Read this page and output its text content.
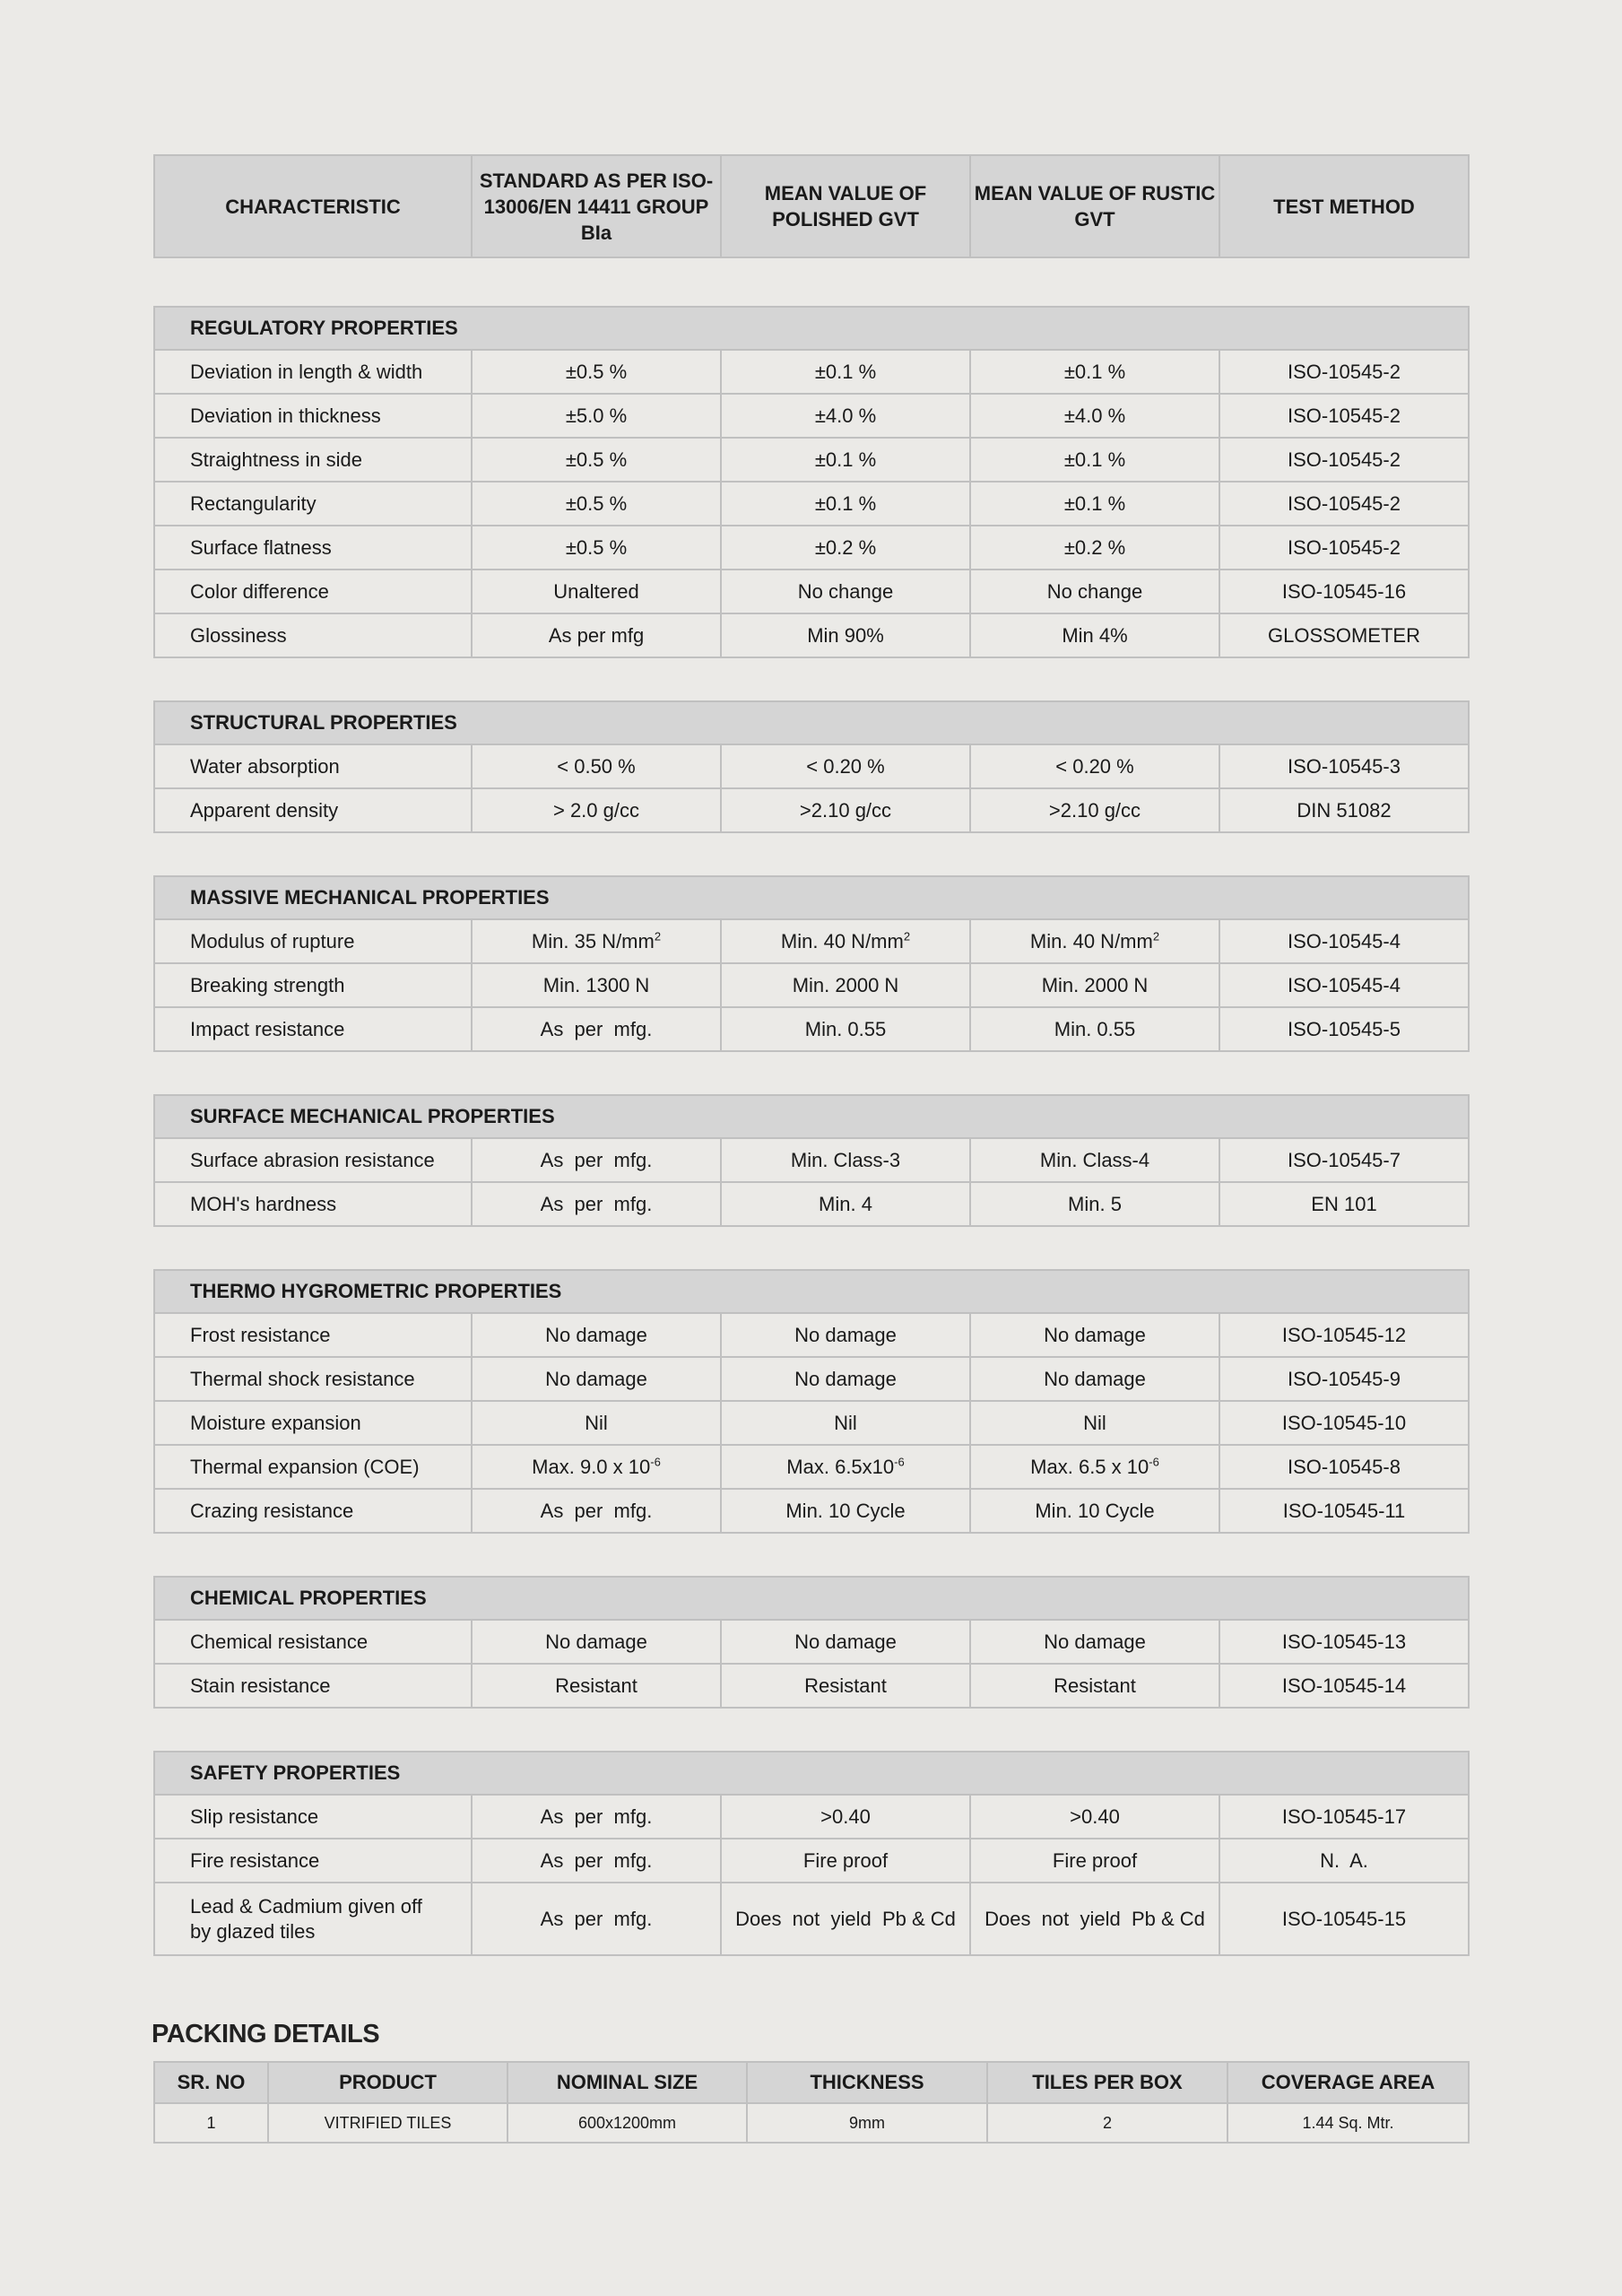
CHARACTERISTIC	STANDARD AS PER ISO-13006/EN 14411 GROUP BIa	MEAN VALUE OF POLISHED GVT	MEAN VALUE OF RUSTIC GVT	TEST METHOD

REGULATORY PROPERTIES				
Deviation in length & width	±0.5 %	±0.1 %	±0.1 %	ISO-10545-2
Deviation in thickness	±5.0 %	±4.0 %	±4.0 %	ISO-10545-2
Straightness in side	±0.5 %	±0.1 %	±0.1 %	ISO-10545-2
Rectangularity	±0.5 %	±0.1 %	±0.1 %	ISO-10545-2
Surface flatness	±0.5 %	±0.2 %	±0.2 %	ISO-10545-2
Color difference	Unaltered	No change	No change	ISO-10545-16
Glossiness	As per mfg	Min 90%	Min 4%	GLOSSOMETER

STRUCTURAL PROPERTIES				
Water absorption	< 0.50 %	< 0.20 %	< 0.20 %	ISO-10545-3
Apparent density	> 2.0 g/cc	>2.10 g/cc	>2.10 g/cc	DIN 51082

MASSIVE MECHANICAL PROPERTIES				
Modulus of rupture	Min. 35 $N/mm^2$	Min. 40 $N/mm^2$	Min. 40 $N/mm^2$	ISO-10545-4
Breaking strength	Min. 1300 N	Min. 2000 N	Min. 2000 N	ISO-10545-4
Impact resistance	As  per  mfg.	Min. 0.55	Min. 0.55	ISO-10545-5

SURFACE MECHANICAL PROPERTIES				
Surface abrasion resistance	As  per  mfg.	Min. Class-3	Min. Class-4	ISO-10545-7
MOH's hardness	As  per  mfg.	Min. 4	Min. 5	EN 101

THERMO HYGROMETRIC PROPERTIES				
Frost resistance	No damage	No damage	No damage	ISO-10545-12
Thermal shock resistance	No damage	No damage	No damage	ISO-10545-9
Moisture expansion	Nil	Nil	Nil	ISO-10545-10
Thermal expansion (COE)	Max. 9.0 x $10^{-6}$	Max. $6.5x10^{-6}$	Max. 6.5 x $10^{-6}$	ISO-10545-8
Crazing resistance	As  per  mfg.	Min. 10 Cycle	Min. 10 Cycle	ISO-10545-11

CHEMICAL PROPERTIES				
Chemical resistance	No damage	No damage	No damage	ISO-10545-13
Stain resistance	Resistant	Resistant	Resistant	ISO-10545-14

SAFETY PROPERTIES				
Slip resistance	As  per  mfg.	>0.40	>0.40	ISO-10545-17
Fire resistance	As  per  mfg.	Fire proof	Fire proof	N.  A.
Lead & Cadmium given off by glazed tiles	As  per  mfg.	Does  not  yield  Pb & Cd	Does  not  yield  Pb & Cd	ISO-10545-15
PACKING DETAILS
SR. NO	PRODUCT	NOMINAL SIZE	THICKNESS	TILES PER BOX	COVERAGE AREA
1	VITRIFIED TILES	600x1200mm	9mm	2	1.44 Sq. Mtr.
